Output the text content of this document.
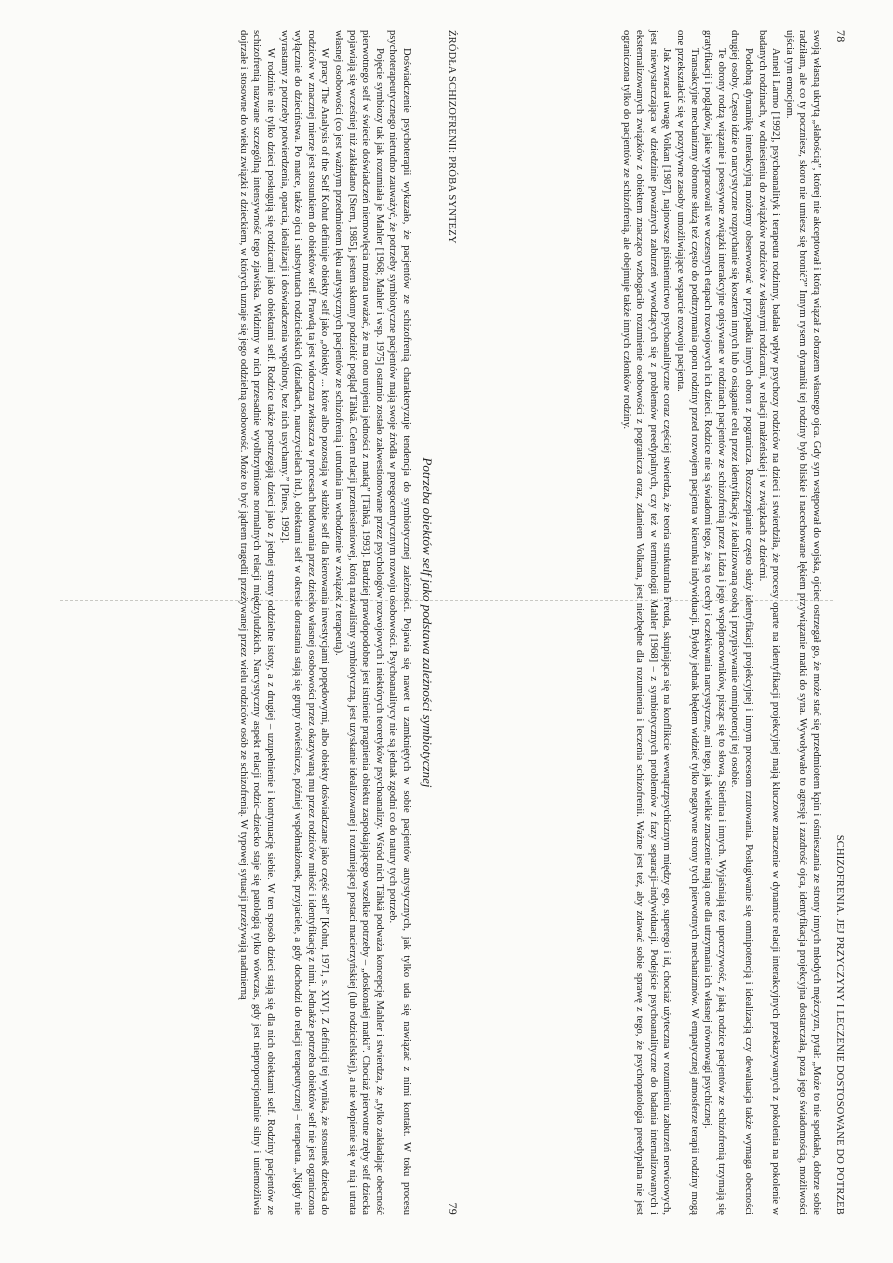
78
SCHIZOFRENIA. JEJ PRZYCZYNY I LECZENIE DOSTOSOWANE DO POTRZEB

swoją własną ukrytą „słabością”, której nie akceptował i którą wiązał z obrazem własnego ojca. Gdy syn wstępował do wojska, ojciec ostrzegał go, że może stać się przedmiotem kpin i ośmieszania ze strony innych młodych mężczyzn, pytał: „Może to nie spotkało, dobrze sobie radziłam, ale co ty poczniesz, skoro nie umiesz się bronić?” Innym rysem dynamiki tej rodziny było bliskie i nacechowane lękiem przywiązanie matki do syna. Wywoływało to agresję i zazdrość ojca, identyfikacja projekcyjna dostarczała, poza jego świadomością, możliwości ujścia tym emocjom.

Anneli Larmo [1992], psychoanalityk i terapeuta rodzinny, badała wpływ psychozy rodziców na dzieci i stwierdziła, że procesy oparte na identyfikacji projekcyjnej mają kluczowe znaczenie w dynamice relacji interakcyjnych przekazywanych z pokolenia na pokolenie w badanych rodzinach, w odniesieniu do związków rodziców z własnymi rodzicami, w relacji małżeńskiej i w związkach z dziećmi.

Podobną dynamikę interakcyjną możemy obserwować w przypadku innych obron z pogranicza. Rozszczepianie często służy identyfikacji projekcyjnej i innym procesom rzutowania. Posługiwanie się omnipotencją i idealizacją czy dewaluacja także wymaga obecności drugiej osoby. Często idzie o narcystyczne rozpychanie się kosztem innych lub o osiąganie celu przez identyfikację z idealizowaną osobą i przypisywanie omnipotencji tej osobie.

Te obrony rodzą wiązanie i posesywne związki interakcyjne opisywane w rodzinach pacjentów ze schizofrenią przez Lidza i jego współpracowników, pisząc się to słowa, Stierlina i innych. Wyjaśniają też uporczywość, z jaką rodzice pacjentów ze schizofrenią trzymają się gratyfikacji i poglądów, jakie wypracowali we wczesnych etapach rozwojowych ich dzieci. Rodzice nie są świadomi tego, że są to cechy i oczekiwania narcystyczne, ani tego, jak wielkie znaczenie mają one dla utrzymania ich własnej równowagi psychicznej.

Transakcyjne mechanizmy obronne służą też często do podtrzymania oporu rodziny przed rozwojem pacjenta w kierunku indywiduacji. Byłoby jednak błędem widzieć tylko negatywne strony tych pierwotnych mechanizmów. W empatycznej atmosferze terapii rodziny mogą one przekształcić się w pozytywne zasoby umożliwiające wsparcie rozwoju pacjenta.

Jak zwracał uwagę Volkan [1987], najnowsze piśmiennictwo psychoanalityczne coraz częściej stwierdza, że teoria strukturalna Freuda, skupiająca się na konflikcie wewnątrzpsychicznym między ego, superego i id, chociaż użyteczna w rozumieniu zaburzeń nerwicowych, jest niewystarczająca w dziedzinie poważnych zaburzeń wywodzących się z problemów preedypalnych, czy też w terminologii Mahler [1968] – z symbiotycznych problemów z fazy separacji–indywiduacji. Podejście psychoanalityczne do badania internalizowanych i eksternalizowanych związków z obiektem znacząco wzbogaciło rozumienie osobowości z pogranicza oraz, zdaniem Volkana, jest niezbędne dla rozumienia i leczenia schizofrenii. Ważne jest też, aby zdawać sobie sprawę z tego, że psychopatologia preedypalna nie jest ograniczona tylko do pacjentów ze schizofrenią, ale obejmuje także innych członków rodziny.

ŹRÓDŁA SCHIZOFRENII: PRÓBA SYNTEZY
79
Potrzeba obiektów self jako podstawa zależności symbiotycznej

Doświadczenie psychoterapii wykazało, że pacjentów ze schizofrenią charakteryzuje tendencja do symbiotycznej zależności. Pojawia się nawet u zamkniętych w sobie pacjentów autystycznych, jak tylko uda się nawiązać z nimi kontakt. W toku procesu psychoterapeutycznego nietrudno zauważyć, że potrzeby symbiotyczne pacjentów mają swoje źródła w preegocentrycznym rozwoju osobowości. Psychoanalitycy nie są jednak zgodni co do natury tych potrzeb.

Pojęcie symbiozy tak jak rozumiała je Mahler [1968; Mahler i wsp. 1975] ostatnio zostało zakwestionowane przez psychologów rozwojowych i niektórych teoretyków psychoanalizy. Wśród nich Tähkä podważa koncepcję Mahler i stwierdza, że „tylko zakładając obecność pierwotnego self w świecie doświadczeń niemowlęcia można uważać, że ma ono urojenia jedności z matką” [Tähkä, 1993]. Bardziej prawdopodobne jest istnienie pragnienia obiektu zaspokajającego wszelkie potrzeby – „doskonałej matki”. Chociaż pierwotne zręby self dziecka pojawiają się wcześniej niż zakładano [Stern, 1985], jestem skłonny podzielić pogląd Tähkä. Celem relacji przeniesieniowej, którą nazwaliśmy symbiotyczną, jest uzyskanie idealizowanej i rozumiejącej postaci macierzyńskiej (lub rodzicielskiej), a nie włopienie się w nią i utrata własnej osobowości (co jest ważnym przedmiotem lęku autystycznych pacjentów ze schizofrenią i utrudnia im wchodzenie w związek z terapeutą).

W pracy The Analysis of the Self Kohut definiuje obiekty self jako „obiekty ... które albo pozostają w służbie self dla kierowania inwestycjami popędowymi, albo obiekty doświadczane jako część self” [Kohut, 1971, s. XIV]. Z definicji tej wynika, że stosunek dziecka do rodziców w znacznej mierze jest stosunkiem do obiektów self. Prawdą ta jest widoczna zwłaszcza w procesach budowania przez dziecko własnej osobowości przez okazywaną mu przez rodziców miłość i identyfikację z nimi. Jednakże potrzeba obiektów self nie jest ograniczona wyłącznie do dzieciństwa. Po matce, także ojcu i substytutach rodzicielskich (dziadkach, nauczycielach itd.), obiektami self w okresie dorastania stają się grupy rówieśnicze, później współmałżonek, przyjaciele, a gdy dochodzi do relacji terapeutycznej – terapeuta. „Nigdy nie wyrastamy z potrzeby potwierdzenia, oparcia, idealizacji i doświadczenia wspólnoty, bez nich usychamy.” [Pines, 1992].

W rodzinie nie tylko dzieci posługują się rodzicami jako obiektami self. Rodzice także postrzegają dzieci jako z jednej strony oddzielne istoty, a z drugiej – uzupełnienie i kontynuację siebie. W ten sposób dzieci stają się dla nich obiektami self. Rodziny pacjentów ze schizofrenią nazwane szczególną intensywność tego zjawiska. Widzimy w nich przesadnie wyolbrzymione normalnych relacji międzyludzkich. Narcystyczny aspekt relacji rodzic–dziecko staje się patologią tylko wówczas, gdy jest nieproporcjonalnie silny i uniemożliwia dojrzałe i stosowne do wieku związki z dzieckiem, w których uznaje się jego oddzielną osobowość. Może to być jądrem tragedii przeżywanej przez wielu rodziców osób ze schizofrenią. W typowej sytuacji przeżywają nadmierną
